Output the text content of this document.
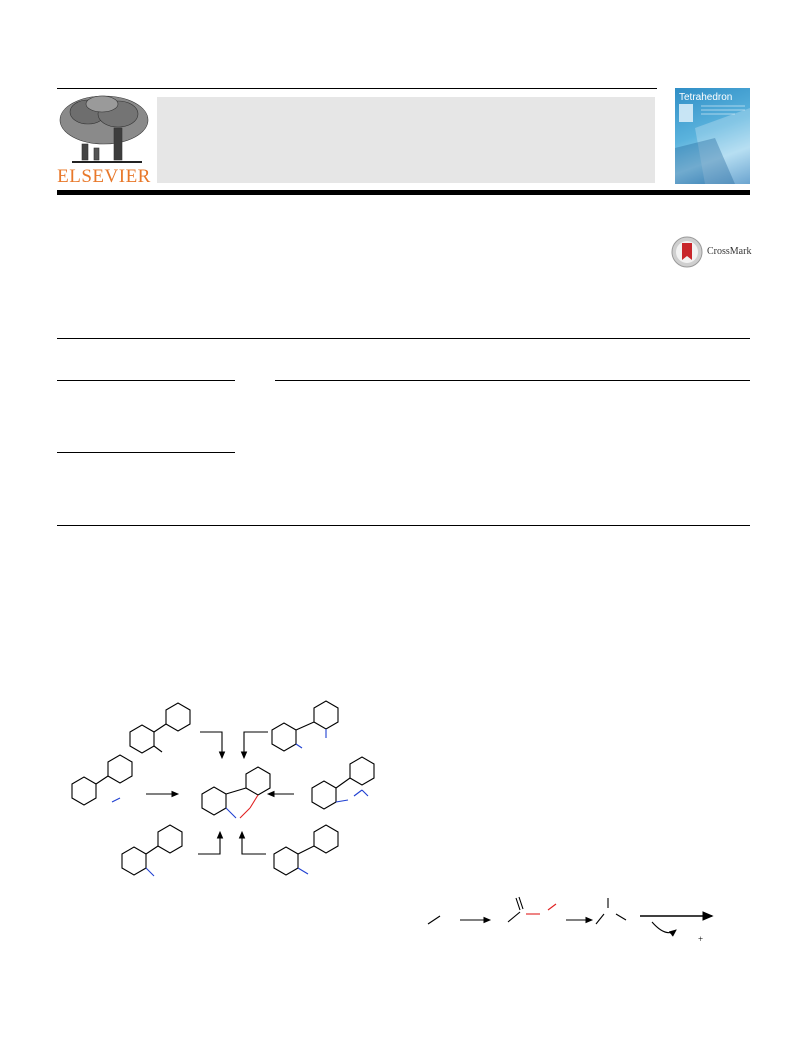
ELSEVIER
Tetrahedron
CrossMark
+
